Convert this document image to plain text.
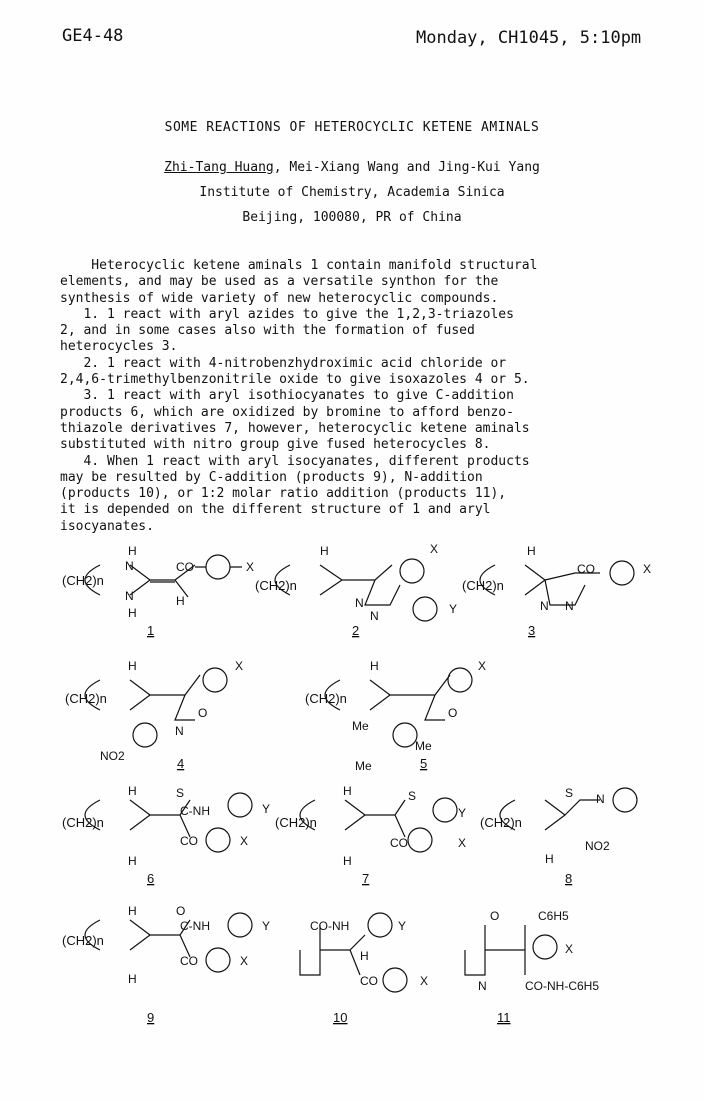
GE4-48	Monday, CH1045, 5:10pm
SOME REACTIONS OF HETEROCYCLIC KETENE AMINALS
Zhi-Tang Huang, Mei-Xiang Wang and Jing-Kui Yang
Institute of Chemistry, Academia Sinica
Beijing, 100080, PR of China
Heterocyclic ketene aminals 1 contain manifold structural
elements, and may be used as a versatile synthon for the
synthesis of wide variety of new heterocyclic compounds.
1. 1 react with aryl azides to give the 1,2,3-triazoles
2, and in some cases also with the formation of fused
heterocycles 3.
2. 1 react with 4-nitrobenzhydroximic acid chloride or
2,4,6-trimethylbenzonitrile oxide to give isoxazoles 4 or 5.
3. 1 react with aryl isothiocyanates to give C-addition
products 6, which are oxidized by bromine to afford benzo-
thiazole derivatives 7, however, heterocyclic ketene aminals
substituted with nitro group give fused heterocycles 8.
4. When 1 react with aryl isocyanates, different products
may be resulted by C-addition (products 9), N-addition
(products 10), or 1:2 molar ratio addition (products 11),
it is depended on the different structure of 1 and aryl
isocyanates.
H
N
N
H
CO	X
H
H	X
N
N	Y
H
CO	X
N N
H	X
O
N
NO2
H	X
O
Me
Me
Me
H	S
C-NH	Y
CO	X
H
H	S
Y
CO	X
H
S N
NO2
H
H	O
C-NH	Y
CO	X
H
CO-NH	Y
H
CO	X
O	C6H5
X
N	CO-NH-C6H5
(CH2)n	(CH2)n	(CH2)n
(CH2)n	(CH2)n
(CH2)n	(CH2)n	(CH2)n
(CH2)n
1	2	3
4	5
6	7	8
9	10	11
